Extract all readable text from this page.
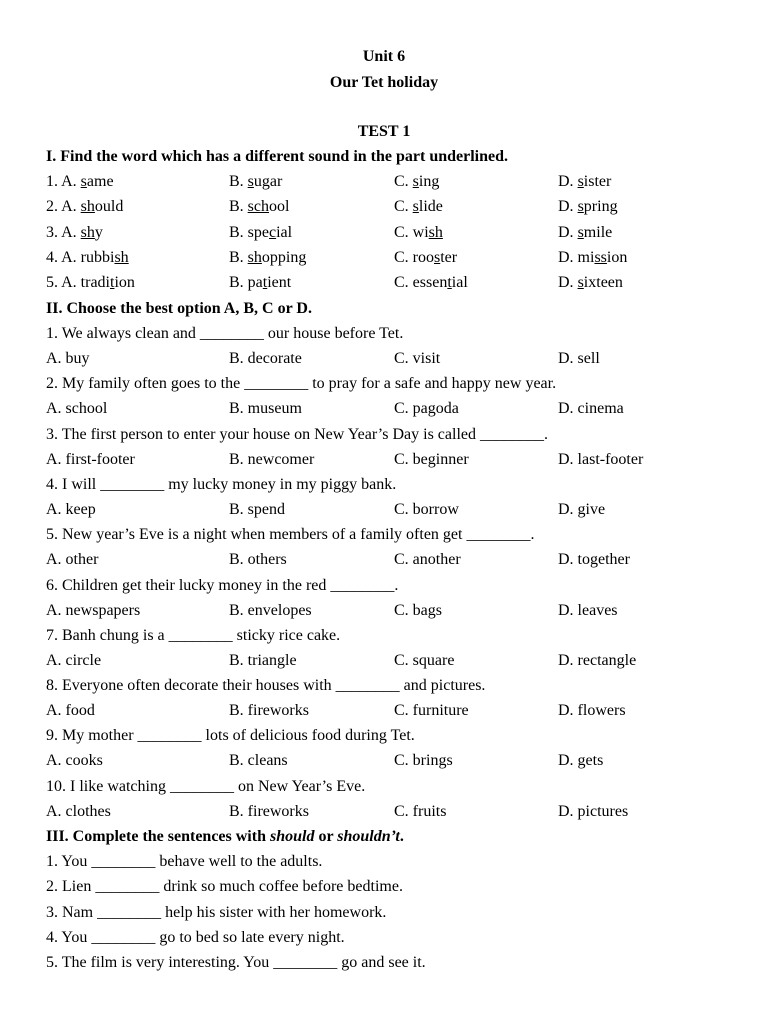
Unit 6
Our Tet holiday
TEST 1
I. Find the word which has a different sound in the part underlined.
1. A. same	B. sugar	C. sing	D. sister
2. A. should	B. school	C. slide	D. spring
3. A. shy	B. special	C. wish	D. smile
4. A. rubbish	B. shopping	C. rooster	D. mission
5. A. tradition	B. patient	C. essential	D. sixteen
II. Choose the best option A, B, C or D.
1. We always clean and ________ our house before Tet.
A. buy	B. decorate	C. visit	D. sell
2. My family often goes to the ________ to pray for a safe and happy new year.
A. school	B. museum	C. pagoda	D. cinema
3. The first person to enter your house on New Year’s Day is called ________.
A. first-footer	B. newcomer	C. beginner	D. last-footer
4. I will ________ my lucky money in my piggy bank.
A. keep	B. spend	C. borrow	D. give
5. New year’s Eve is a night when members of a family often get ________.
A. other	B. others	C. another	D. together
6. Children get their lucky money in the red ________.
A. newspapers	B. envelopes	C. bags	D. leaves
7. Banh chung is a ________ sticky rice cake.
A. circle	B. triangle	C. square	D. rectangle
8. Everyone often decorate their houses with ________ and pictures.
A. food	B. fireworks	C. furniture	D. flowers
9. My mother ________ lots of delicious food during Tet.
A. cooks	B. cleans	C. brings	D. gets
10. I like watching ________ on New Year’s Eve.
A. clothes	B. fireworks	C. fruits	D. pictures
III. Complete the sentences with should or shouldn’t.
1. You ________ behave well to the adults.
2. Lien ________ drink so much coffee before bedtime.
3. Nam ________ help his sister with her homework.
4. You ________ go to bed so late every night.
5. The film is very interesting. You ________ go and see it.
